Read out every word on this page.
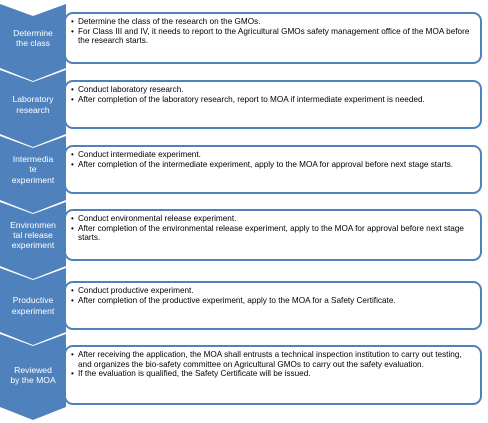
Determine
the class
• Determine the class of the research on the GMOs.
• For Class III and IV, it needs to report to the Agricultural GMOs safety management office of the MOA before the research starts.
Laboratory
research
• Conduct laboratory research.
• After completion of the laboratory research, report to MOA if intermediate experiment is needed.
Intermedia
te
experiment
• Conduct intermediate experiment.
• After completion of the intermediate experiment, apply to the MOA for approval before next stage starts.
Environmen
tal release
experiment
• Conduct environmental release experiment.
• After completion of the environmental release experiment, apply to the MOA for approval before next stage starts.
Productive
experiment
• Conduct productive experiment.
• After completion of the productive experiment, apply to the MOA for a Safety Certificate.
Reviewed
by the MOA
• After receiving the application, the MOA shall entrusts a technical inspection institution to carry out testing, and organizes the bio-safety committee on Agricultural GMOs to carry out the safety evaluation.
• If the evaluation is qualified, the Safety Certificate will be issued.
